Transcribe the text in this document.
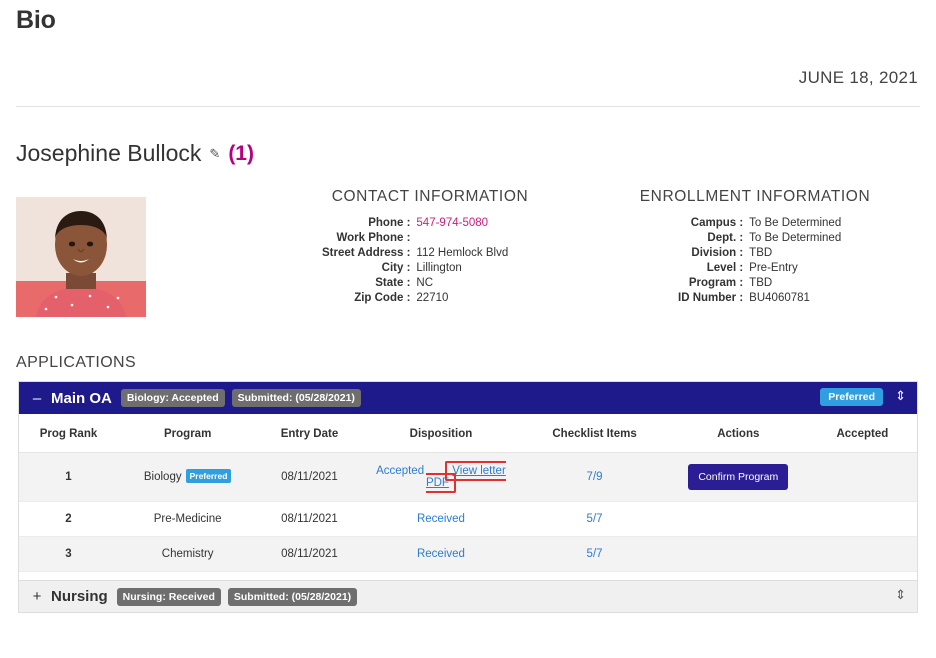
Bio
JUNE 18, 2021
Josephine Bullock ✎ (1)
CONTACT INFORMATION
Phone :	547-974-5080
Work Phone :	
Street Address :	112 Hemlock Blvd
City :	Lillington
State :	NC
Zip Code :	22710
ENROLLMENT INFORMATION
Campus :	To Be Determined
Dept. :	To Be Determined
Division :	TBD
Level :	Pre-Entry
Program :	TBD
ID Number :	BU4060781
APPLICATIONS
– Main OA	Biology: Accepted	Submitted: (05/28/2021)	Preferred	⇕
Prog Rank	Program	Entry Date	Disposition	Checklist Items	Actions	Accepted
1	Biology Preferred	08/11/2021	Accepted View letter PDF	7/9	Confirm Program	
2	Pre-Medicine	08/11/2021	Received	5/7		
3	Chemistry	08/11/2021	Received	5/7		
+ Nursing	Nursing: Received	Submitted: (05/28/2021)	⇕
